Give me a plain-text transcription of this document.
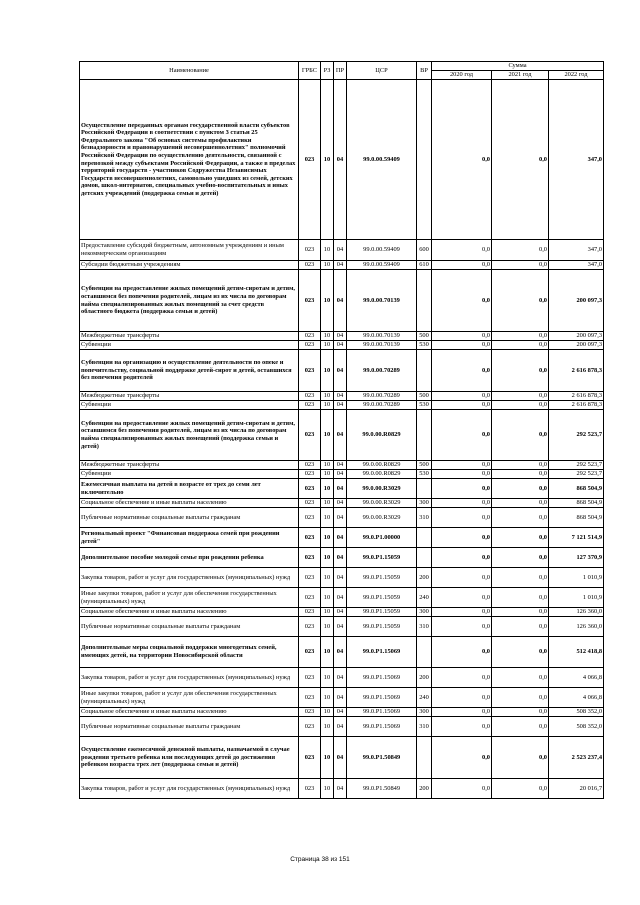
Наименование	ГРБС	РЗ	ПР	ЦСР	ВР	Сумма		
						2020 год	2021 год	2022 год
Осуществление переданных органам государственной власти субъектов Российской Федерации в соответствии с пунктом 3 статьи 25 Федерального закона "Об основах системы профилактики безнадзорности и правонарушений несовершеннолетних" полномочий Российской Федерации по осуществлению деятельности, связанной с перевозкой между субъектами Российской Федерации, а также в пределах территорий государств - участников Содружества Независимых Государств несовершеннолетних, самовольно ушедших из семей, детских домов, школ-интернатов, специальных учебно-воспитательных и иных детских учреждений (поддержка семьи и детей)	023	10	04	99.0.00.59409		0,0	0,0	347,0
Предоставление субсидий бюджетным, автономным учреждениям и иным некоммерческим организациям	023	10	04	99.0.00.59409	600	0,0	0,0	347,0
Субсидии бюджетным учреждениям	023	10	04	99.0.00.59409	610	0,0	0,0	347,0
Субвенции на предоставление жилых помещений детям-сиротам и детям, оставшимся без попечения родителей, лицам из их числа по договорам найма специализированных жилых помещений за счет средств областного бюджета (поддержка семьи и детей)	023	10	04	99.0.00.70139		0,0	0,0	200 097,3
Межбюджетные трансферты	023	10	04	99.0.00.70139	500	0,0	0,0	200 097,3
Субвенции	023	10	04	99.0.00.70139	530	0,0	0,0	200 097,3
Субвенции на организацию и осуществление деятельности по опеке и попечительству, социальной поддержке детей-сирот и детей, оставшихся без попечения родителей	023	10	04	99.0.00.70289		0,0	0,0	2 616 878,3
Межбюджетные трансферты	023	10	04	99.0.00.70289	500	0,0	0,0	2 616 878,3
Субвенции	023	10	04	99.0.00.70289	530	0,0	0,0	2 616 878,3
Субвенции на предоставление жилых помещений детям-сиротам и детям, оставшимся без попечения родителей, лицам из их числа по договорам найма специализированных жилых помещений (поддержка семьи и детей)	023	10	04	99.0.00.R0829		0,0	0,0	292 523,7
Межбюджетные трансферты	023	10	04	99.0.00.R0829	500	0,0	0,0	292 523,7
Субвенции	023	10	04	99.0.00.R0829	530	0,0	0,0	292 523,7
Ежемесячная выплата на детей в возрасте от трех до семи лет включительно	023	10	04	99.0.00.R3029		0,0	0,0	868 504,9
Социальное обеспечение и иные выплаты населению	023	10	04	99.0.00.R3029	300	0,0	0,0	868 504,9
Публичные нормативные социальные выплаты гражданам	023	10	04	99.0.00.R3029	310	0,0	0,0	868 504,9
Региональный проект "Финансовая поддержка семей при рождении детей"	023	10	04	99.0.P1.00000		0,0	0,0	7 121 514,9
Дополнительное пособие молодой семье при рождении ребенка	023	10	04	99.0.P1.15059		0,0	0,0	127 370,9
Закупка товаров, работ и услуг для государственных (муниципальных) нужд	023	10	04	99.0.P1.15059	200	0,0	0,0	1 010,9
Иные закупки товаров, работ и услуг для обеспечения государственных (муниципальных) нужд	023	10	04	99.0.P1.15059	240	0,0	0,0	1 010,9
Социальное обеспечение и иные выплаты населению	023	10	04	99.0.P1.15059	300	0,0	0,0	126 360,0
Публичные нормативные социальные выплаты гражданам	023	10	04	99.0.P1.15059	310	0,0	0,0	126 360,0
Дополнительные меры социальной поддержки многодетных семей, имеющих детей, на территории Новосибирской области	023	10	04	99.0.P1.15069		0,0	0,0	512 418,8
Закупка товаров, работ и услуг для государственных (муниципальных) нужд	023	10	04	99.0.P1.15069	200	0,0	0,0	4 066,8
Иные закупки товаров, работ и услуг для обеспечения государственных (муниципальных) нужд	023	10	04	99.0.P1.15069	240	0,0	0,0	4 066,8
Социальное обеспечение и иные выплаты населению	023	10	04	99.0.P1.15069	300	0,0	0,0	508 352,0
Публичные нормативные социальные выплаты гражданам	023	10	04	99.0.P1.15069	310	0,0	0,0	508 352,0
Осуществление ежемесячной денежной выплаты, назначаемой в случае рождения третьего ребенка или последующих детей до достижения ребенком возраста трех лет (поддержка семьи и детей)	023	10	04	99.0.P1.50849		0,0	0,0	2 523 237,4
Закупка товаров, работ и услуг для государственных (муниципальных) нужд	023	10	04	99.0.P1.50849	200	0,0	0,0	20 016,7
Страница 38 из 151
